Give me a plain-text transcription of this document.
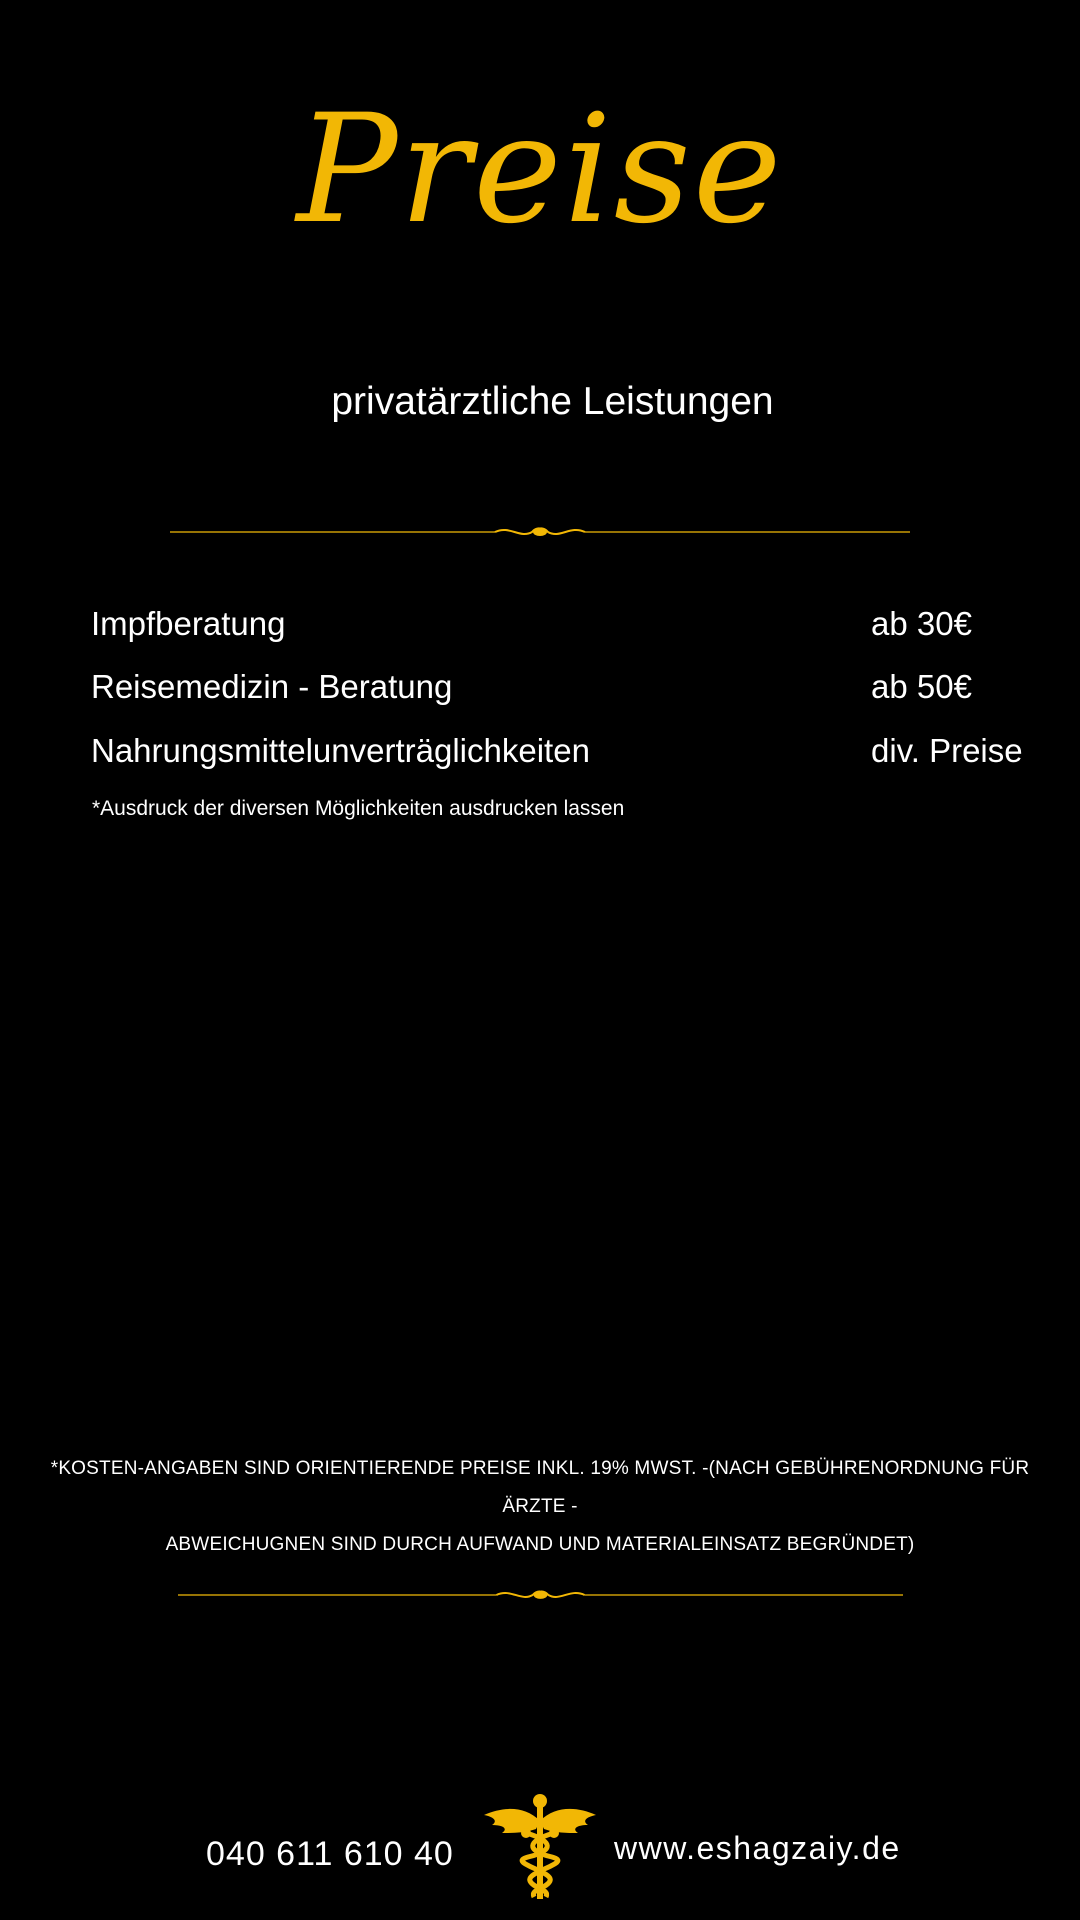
Preise
privatärztliche Leistungen
Impfberatung	ab 30€
Reisemedizin - Beratung	ab 50€
Nahrungsmittelunverträglichkeiten	div. Preise
*Ausdruck der diversen Möglichkeiten ausdrucken lassen
*KOSTEN-ANGABEN SIND ORIENTIERENDE PREISE INKL. 19% MWST. -(NACH GEBÜHRENORDNUNG FÜR ÄRZTE -
ABWEICHUGNEN SIND DURCH AUFWAND UND MATERIALEINSATZ BEGRÜNDET)
040 611 610 40	www.eshagzaiy.de
